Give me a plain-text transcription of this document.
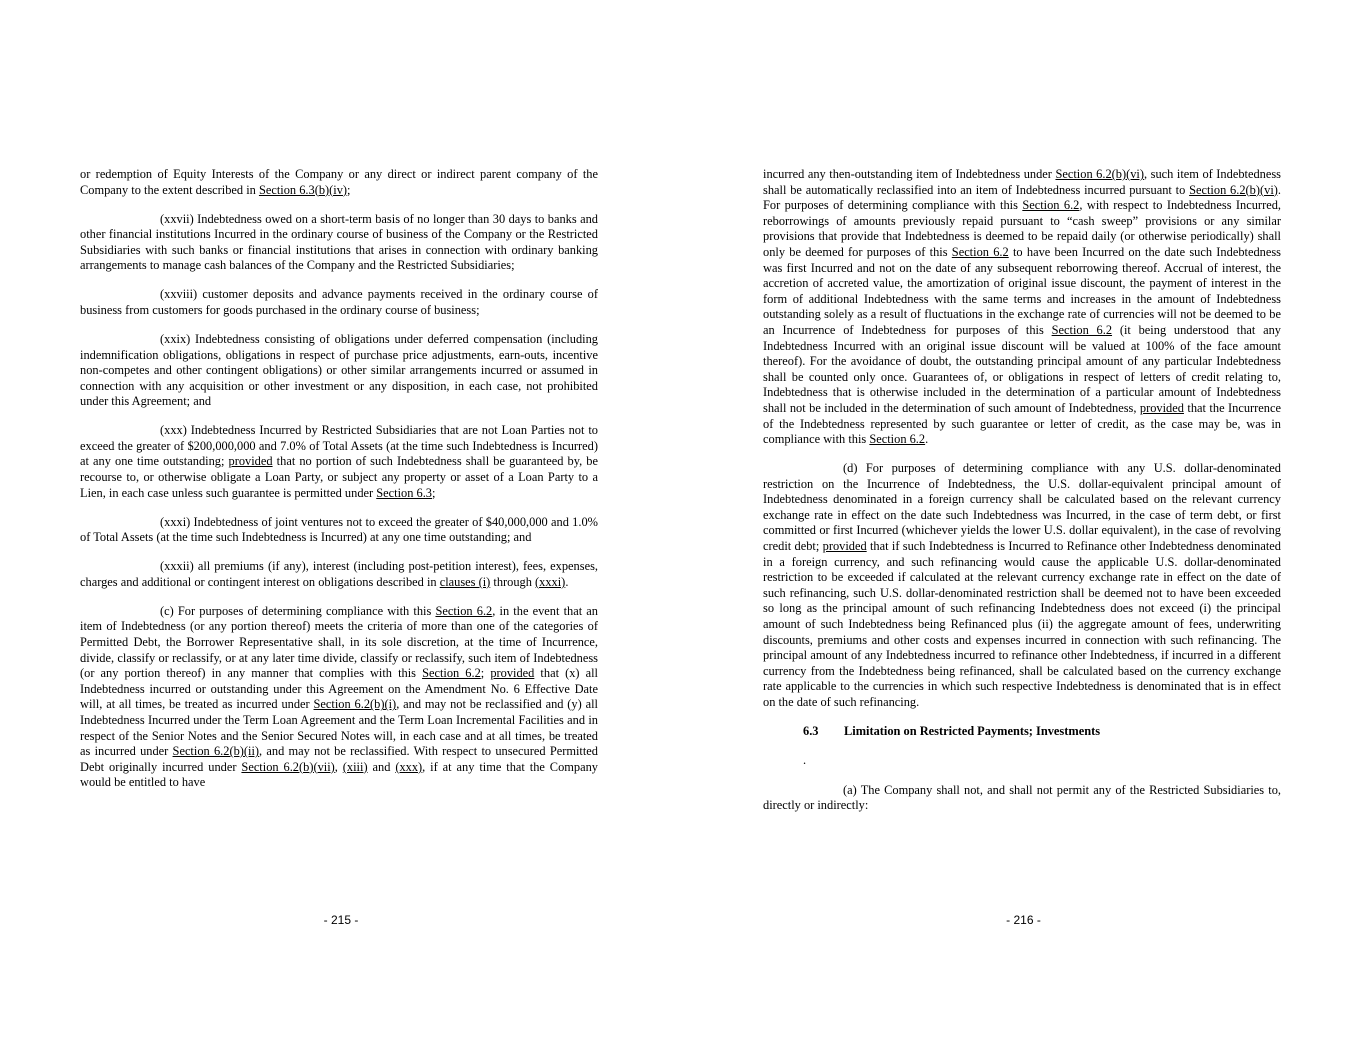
or redemption of Equity Interests of the Company or any direct or indirect parent company of the Company to the extent described in Section 6.3(b)(iv);

(xxvii) Indebtedness owed on a short-term basis of no longer than 30 days to banks and other financial institutions Incurred in the ordinary course of business of the Company or the Restricted Subsidiaries with such banks or financial institutions that arises in connection with ordinary banking arrangements to manage cash balances of the Company and the Restricted Subsidiaries;

(xxviii) customer deposits and advance payments received in the ordinary course of business from customers for goods purchased in the ordinary course of business;

(xxix) Indebtedness consisting of obligations under deferred compensation (including indemnification obligations, obligations in respect of purchase price adjustments, earn-outs, incentive non-competes and other contingent obligations) or other similar arrangements incurred or assumed in connection with any acquisition or other investment or any disposition, in each case, not prohibited under this Agreement; and

(xxx) Indebtedness Incurred by Restricted Subsidiaries that are not Loan Parties not to exceed the greater of $200,000,000 and 7.0% of Total Assets (at the time such Indebtedness is Incurred) at any one time outstanding; provided that no portion of such Indebtedness shall be guaranteed by, be recourse to, or otherwise obligate a Loan Party, or subject any property or asset of a Loan Party to a Lien, in each case unless such guarantee is permitted under Section 6.3;

(xxxi) Indebtedness of joint ventures not to exceed the greater of $40,000,000 and 1.0% of Total Assets (at the time such Indebtedness is Incurred) at any one time outstanding; and

(xxxii) all premiums (if any), interest (including post-petition interest), fees, expenses, charges and additional or contingent interest on obligations described in clauses (i) through (xxxi).

(c) For purposes of determining compliance with this Section 6.2, in the event that an item of Indebtedness (or any portion thereof) meets the criteria of more than one of the categories of Permitted Debt, the Borrower Representative shall, in its sole discretion, at the time of Incurrence, divide, classify or reclassify, or at any later time divide, classify or reclassify, such item of Indebtedness (or any portion thereof) in any manner that complies with this Section 6.2; provided that (x) all Indebtedness incurred or outstanding under this Agreement on the Amendment No. 6 Effective Date will, at all times, be treated as incurred under Section 6.2(b)(i), and may not be reclassified and (y) all Indebtedness Incurred under the Term Loan Agreement and the Term Loan Incremental Facilities and in respect of the Senior Notes and the Senior Secured Notes will, in each case and at all times, be treated as incurred under Section 6.2(b)(ii), and may not be reclassified. With respect to unsecured Permitted Debt originally incurred under Section 6.2(b)(vii), (xiii) and (xxx), if at any time that the Company would be entitled to have

- 215 -

incurred any then-outstanding item of Indebtedness under Section 6.2(b)(vi), such item of Indebtedness shall be automatically reclassified into an item of Indebtedness incurred pursuant to Section 6.2(b)(vi). For purposes of determining compliance with this Section 6.2, with respect to Indebtedness Incurred, reborrowings of amounts previously repaid pursuant to “cash sweep” provisions or any similar provisions that provide that Indebtedness is deemed to be repaid daily (or otherwise periodically) shall only be deemed for purposes of this Section 6.2 to have been Incurred on the date such Indebtedness was first Incurred and not on the date of any subsequent reborrowing thereof. Accrual of interest, the accretion of accreted value, the amortization of original issue discount, the payment of interest in the form of additional Indebtedness with the same terms and increases in the amount of Indebtedness outstanding solely as a result of fluctuations in the exchange rate of currencies will not be deemed to be an Incurrence of Indebtedness for purposes of this Section 6.2 (it being understood that any Indebtedness Incurred with an original issue discount will be valued at 100% of the face amount thereof). For the avoidance of doubt, the outstanding principal amount of any particular Indebtedness shall be counted only once. Guarantees of, or obligations in respect of letters of credit relating to, Indebtedness that is otherwise included in the determination of a particular amount of Indebtedness shall not be included in the determination of such amount of Indebtedness, provided that the Incurrence of the Indebtedness represented by such guarantee or letter of credit, as the case may be, was in compliance with this Section 6.2.

(d) For purposes of determining compliance with any U.S. dollar-denominated restriction on the Incurrence of Indebtedness, the U.S. dollar-equivalent principal amount of Indebtedness denominated in a foreign currency shall be calculated based on the relevant currency exchange rate in effect on the date such Indebtedness was Incurred, in the case of term debt, or first committed or first Incurred (whichever yields the lower U.S. dollar equivalent), in the case of revolving credit debt; provided that if such Indebtedness is Incurred to Refinance other Indebtedness denominated in a foreign currency, and such refinancing would cause the applicable U.S. dollar-denominated restriction to be exceeded if calculated at the relevant currency exchange rate in effect on the date of such refinancing, such U.S. dollar-denominated restriction shall be deemed not to have been exceeded so long as the principal amount of such refinancing Indebtedness does not exceed (i) the principal amount of such Indebtedness being Refinanced plus (ii) the aggregate amount of fees, underwriting discounts, premiums and other costs and expenses incurred in connection with such refinancing. The principal amount of any Indebtedness incurred to refinance other Indebtedness, if incurred in a different currency from the Indebtedness being refinanced, shall be calculated based on the currency exchange rate applicable to the currencies in which such respective Indebtedness is denominated that is in effect on the date of such refinancing.

6.3 Limitation on Restricted Payments; Investments
.

(a) The Company shall not, and shall not permit any of the Restricted Subsidiaries to, directly or indirectly:

- 216 -
